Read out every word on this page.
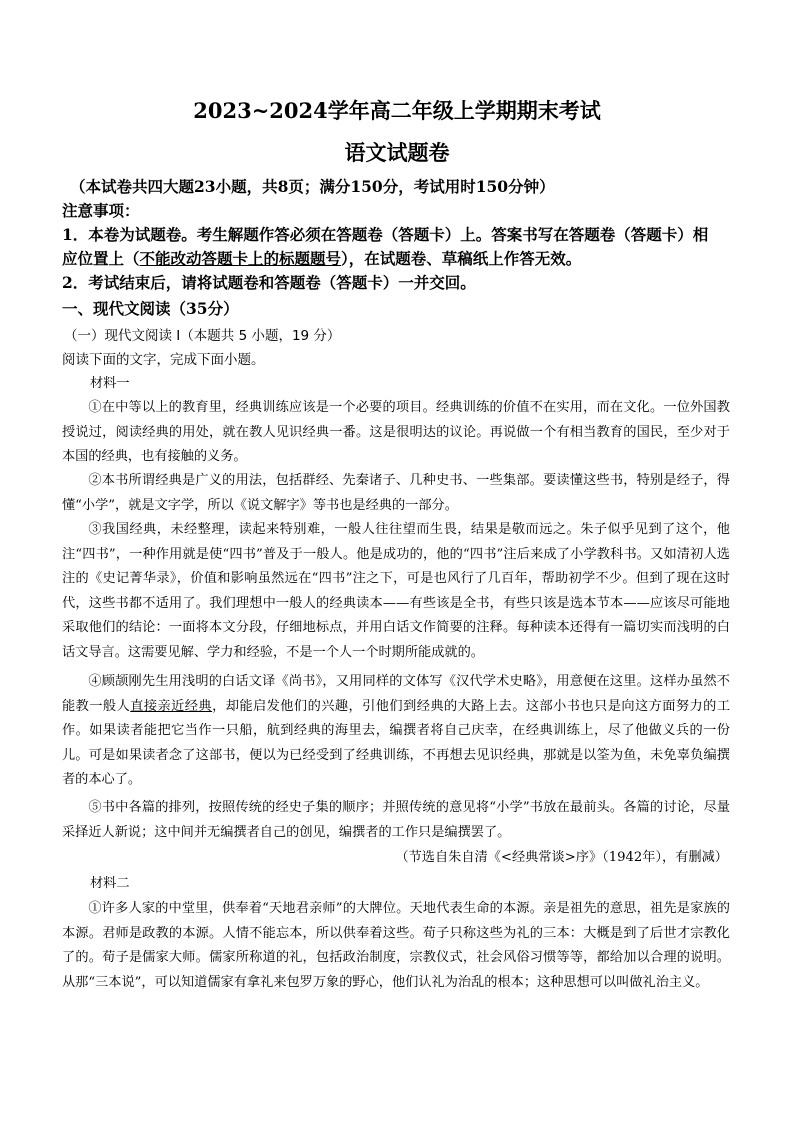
2023~2024学年高二年级上学期期末考试
语文试题卷
（本试卷共四大题23小题，共8页；满分150分，考试用时150分钟）
注意事项：
1．本卷为试题卷。考生解题作答必须在答题卷（答题卡）上。答案书写在答题卷（答题卡）相
应位置上（不能改动答题卡上的标题题号），在试题卷、草稿纸上作答无效。
2．考试结束后，请将试题卷和答题卷（答题卡）一并交回。
一、现代文阅读（35分）
（一）现代文阅读 I（本题共 5 小题，19 分）
阅读下面的文字，完成下面小题。
材料一

①在中等以上的教育里，经典训练应该是一个必要的项目。经典训练的价值不在实用，而在文化。一位外国教授说过，阅读经典的用处，就在教人见识经典一番。这是很明达的议论。再说做一个有相当教育的国民，至少对于本国的经典，也有接触的义务。

②本书所谓经典是广义的用法，包括群经、先秦诸子、几种史书、一些集部。要读懂这些书，特别是经子，得懂“小学”，就是文字学，所以《说文解字》等书也是经典的一部分。

③我国经典，未经整理，读起来特别难，一般人往往望而生畏，结果是敬而远之。朱子似乎见到了这个，他注“四书”，一种作用就是使“四书”普及于一般人。他是成功的，他的“四书”注后来成了小学教科书。又如清初人选注的《史记菁华录》，价值和影响虽然远在“四书”注之下，可是也风行了几百年，帮助初学不少。但到了现在这时代，这些书都不适用了。我们理想中一般人的经典读本——有些该是全书，有些只该是选本节本——应该尽可能地采取他们的结论：一面将本文分段，仔细地标点，并用白话文作简要的注释。每种读本还得有一篇切实而浅明的白话文导言。这需要见解、学力和经验，不是一个人一个时期所能成就的。

④顾颉刚先生用浅明的白话文译《尚书》，又用同样的文体写《汉代学术史略》，用意便在这里。这样办虽然不能教一般人直接亲近经典，却能启发他们的兴趣，引他们到经典的大路上去。这部小书也只是向这方面努力的工作。如果读者能把它当作一只船，航到经典的海里去，编撰者将自己庆幸，在经典训练上，尽了他做义兵的一份儿。可是如果读者念了这部书，便以为已经受到了经典训练，不再想去见识经典，那就是以筌为鱼，未免辜负编撰者的本心了。

⑤书中各篇的排列，按照传统的经史子集的顺序；并照传统的意见将“小学”书放在最前头。各篇的讨论，尽量采择近人新说；这中间并无编撰者自己的创见，编撰者的工作只是编撰罢了。

（节选自朱自清《<经典常谈>序》（1942年），有删减）
材料二

①许多人家的中堂里，供奉着“天地君亲师”的大牌位。天地代表生命的本源。亲是祖先的意思，祖先是家族的本源。君师是政教的本源。人情不能忘本，所以供奉着这些。荀子只称这些为礼的三本：大概是到了后世才宗教化了的。荀子是儒家大师。儒家所称道的礼，包括政治制度，宗教仪式，社会风俗习惯等等，都给加以合理的说明。从那“三本说”，可以知道儒家有拿礼来包罗万象的野心，他们认礼为治乱的根本；这种思想可以叫做礼治主义。
